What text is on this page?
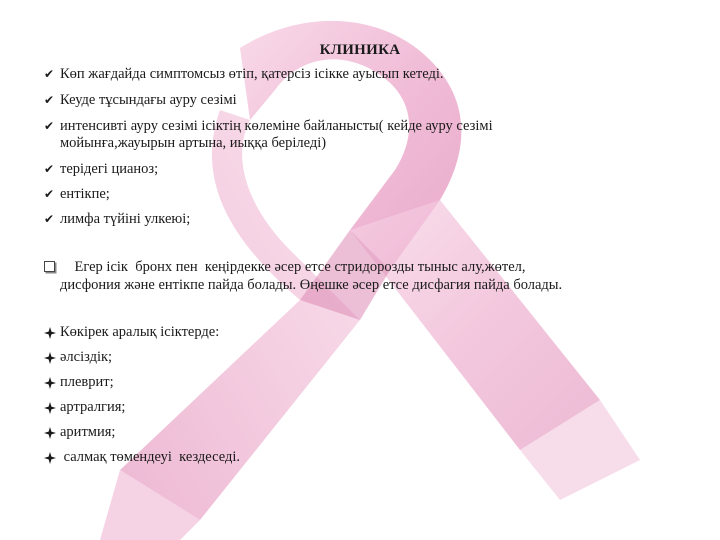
КЛИНИКА
✔ Көп жағдайда симптомсыз өтіп, қатерсіз ісікке ауысып кетеді.
✔ Кеуде тұсындағы ауру сезімі
✔ интенсивті ауру сезімі ісіктің көлеміне байланысты( кейде ауру сезімі
мойынға,жауырын артына, иыққа беріледі)
✔ терідегі цианоз;
✔ ентікпе;
✔лимфа түйіні улкеюі;
Егер ісік  бронх пен  кеңірдекке әсер етсе стридорозды тыныс алу,жөтел,
дисфония және ентікпе пайда болады. Өңешке әсер етсе дисфагия пайда болады.
Көкірек аралық ісіктерде:
әлсіздік;
плеврит;
артралгия;
аритмия;
салмақ төмендеуі  кездеседі.
